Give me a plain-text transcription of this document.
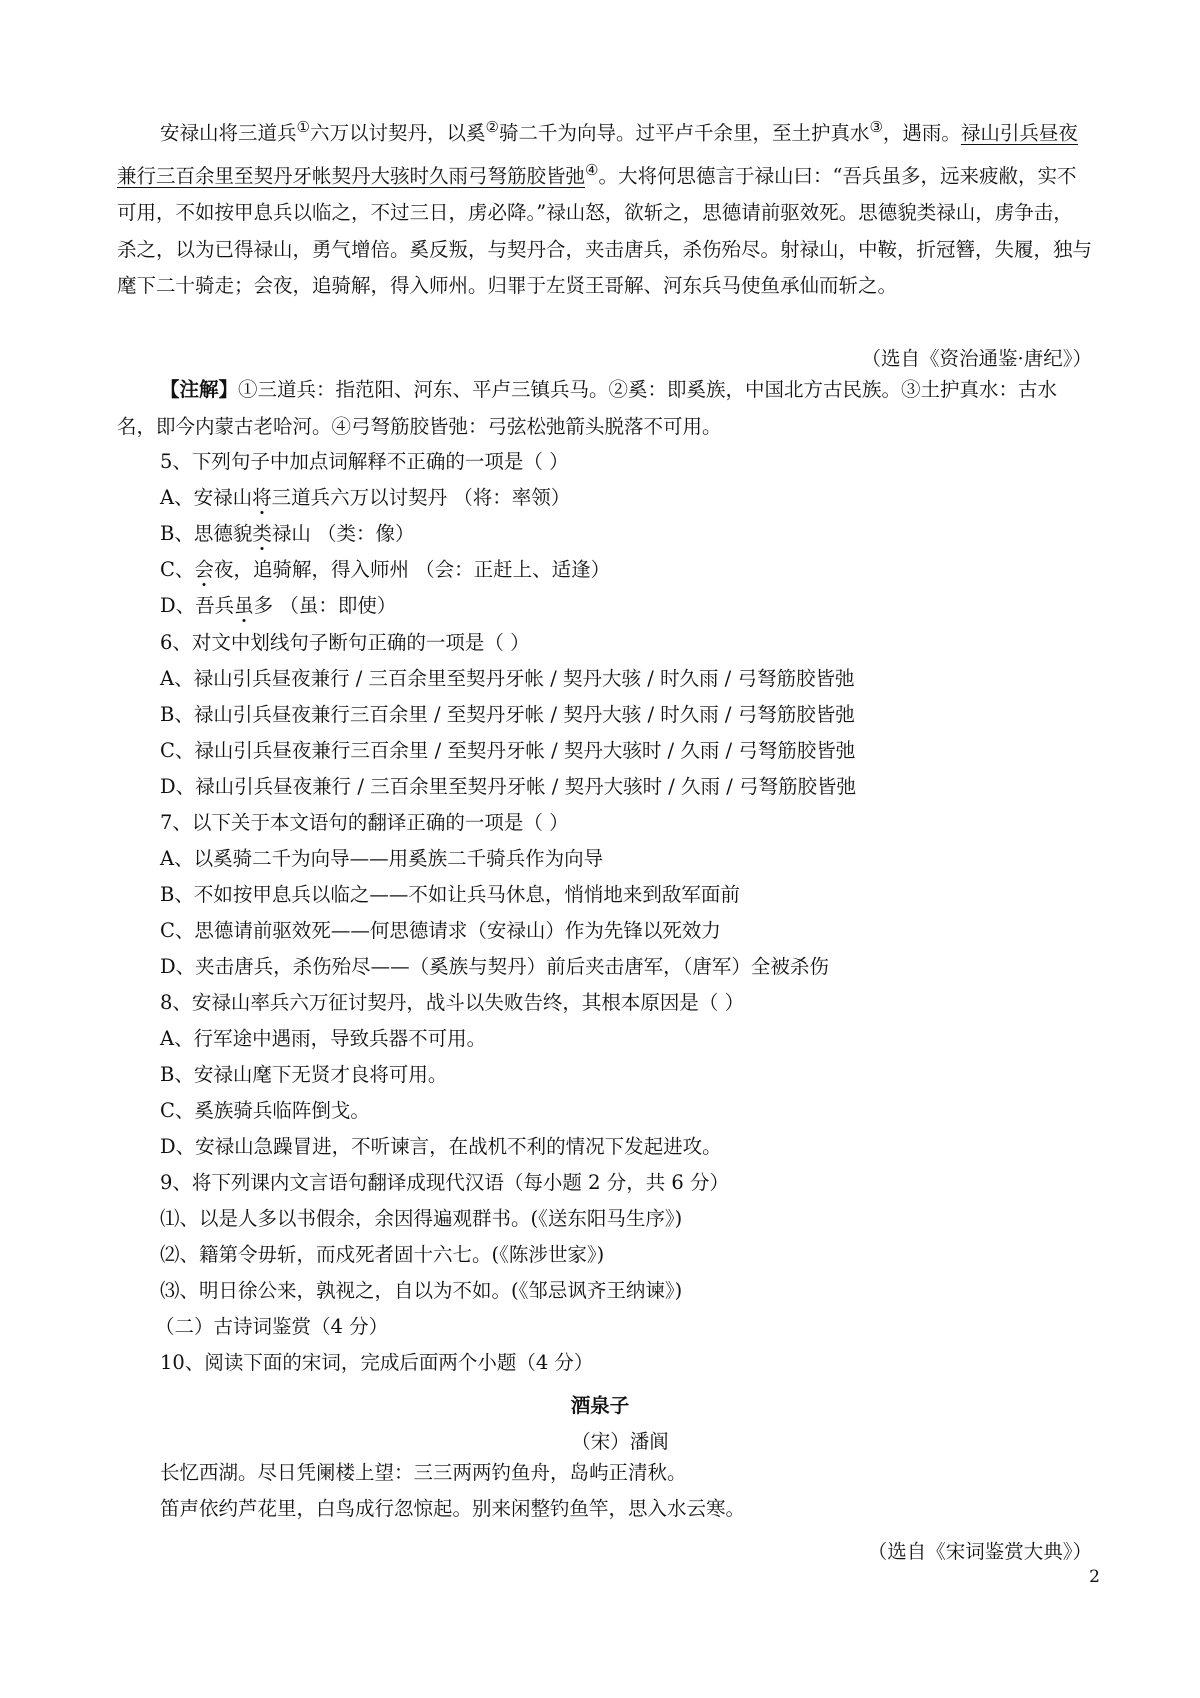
安禄山将三道兵①六万以讨契丹，以奚②骑二千为向导。过平卢千余里，至土护真水③，遇雨。禄山引兵昼夜兼行三百余里至契丹牙帐契丹大骇时久雨弓弩筋胶皆弛④。大将何思德言于禄山曰：“吾兵虽多，远来疲敝，实不可用，不如按甲息兵以临之，不过三日，虏必降。”禄山怒，欲斩之，思德请前驱效死。思德貌类禄山，虏争击，杀之，以为已得禄山，勇气增倍。奚反叛，与契丹合，夹击唐兵，杀伤殆尽。射禄山，中鞍，折冠簪，失履，独与麾下二十骑走；会夜，追骑解，得入师州。归罪于左贤王哥解、河东兵马使鱼承仙而斩之。

（选自《资治通鉴·唐纪》）

【注解】①三道兵：指范阳、河东、平卢三镇兵马。②奚：即奚族，中国北方古民族。③土护真水：古水名，即今内蒙古老哈河。④弓弩筋胶皆弛：弓弦松弛箭头脱落不可用。

5、下列句子中加点词解释不正确的一项是（ ）
A、安禄山将三道兵六万以讨契丹 （将：率领）
B、思德貌类禄山 （类：像）
C、会夜，追骑解，得入师州 （会：正赶上、适逢）
D、吾兵虽多 （虽：即使）
6、对文中划线句子断句正确的一项是（ ）
A、禄山引兵昼夜兼行 / 三百余里至契丹牙帐 / 契丹大骇 / 时久雨 / 弓弩筋胶皆弛
B、禄山引兵昼夜兼行三百余里 / 至契丹牙帐 / 契丹大骇 / 时久雨 / 弓弩筋胶皆弛
C、禄山引兵昼夜兼行三百余里 / 至契丹牙帐 / 契丹大骇时 / 久雨 / 弓弩筋胶皆弛
D、禄山引兵昼夜兼行 / 三百余里至契丹牙帐 / 契丹大骇时 / 久雨 / 弓弩筋胶皆弛
7、以下关于本文语句的翻译正确的一项是（ ）
A、以奚骑二千为向导——用奚族二千骑兵作为向导
B、不如按甲息兵以临之——不如让兵马休息，悄悄地来到敌军面前
C、思德请前驱效死——何思德请求（安禄山）作为先锋以死效力
D、夹击唐兵，杀伤殆尽——（奚族与契丹）前后夹击唐军，（唐军）全被杀伤
8、安禄山率兵六万征讨契丹，战斗以失败告终，其根本原因是（ ）
A、行军途中遇雨，导致兵器不可用。
B、安禄山麾下无贤才良将可用。
C、奚族骑兵临阵倒戈。
D、安禄山急躁冒进，不听谏言，在战机不利的情况下发起进攻。
9、将下列课内文言语句翻译成现代汉语（每小题 2 分，共 6 分）
⑴、以是人多以书假余，余因得遍观群书。(《送东阳马生序》)
⑵、籍第令毋斩，而戍死者固十六七。(《陈涉世家》)
⑶、明日徐公来，孰视之，自以为不如。(《邹忌讽齐王纳谏》)
（二）古诗词鉴赏（4 分）
10、阅读下面的宋词，完成后面两个小题（4 分）
酒泉子
（宋）潘阆
长忆西湖。尽日凭阑楼上望：三三两两钓鱼舟，岛屿正清秋。
笛声依约芦花里，白鸟成行忽惊起。别来闲整钓鱼竿，思入水云寒。
（选自《宋词鉴赏大典》）
2
